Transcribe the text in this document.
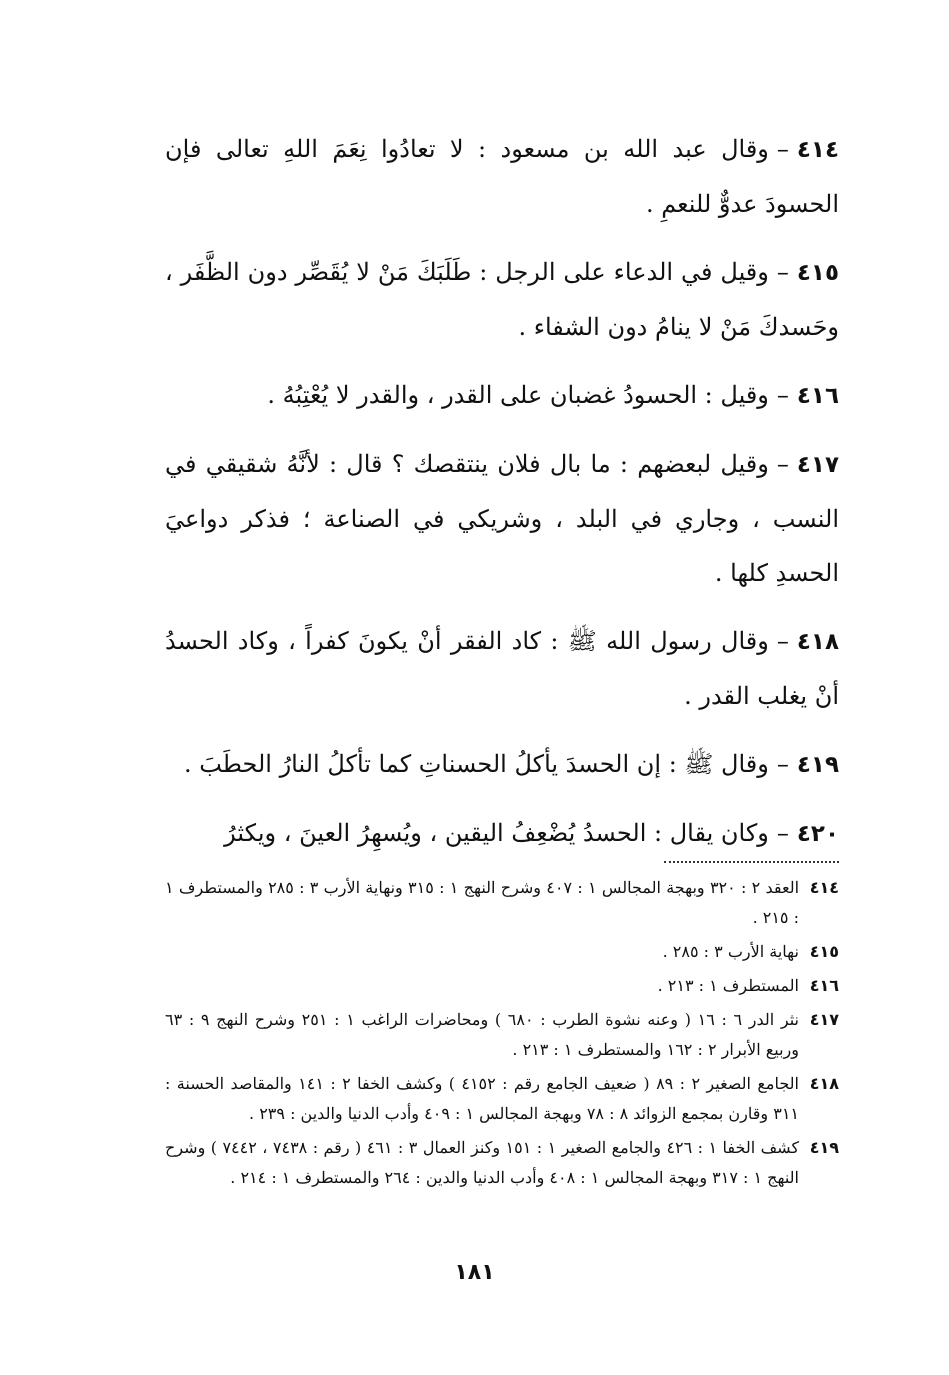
٤١٤–وقال عبد الله بن مسعود : لا تعادُوا نِعَمَ اللهِ تعالى فإن الحسودَ عدوٌّ للنعمِ .
٤١٥–وقيل في الدعاء على الرجل : طَلَبَكَ مَنْ لا يُقَصِّر دون الظَّفَر ، وحَسدكَ مَنْ لا ينامُ دون الشفاء .
٤١٦–وقيل : الحسودُ غضبان على القدر ، والقدر لا يُعْتِبُهُ .
٤١٧–وقيل لبعضهم : ما بال فلان ينتقصك ؟ قال : لأنَّهُ شقيقي في النسب ، وجاري في البلد ، وشريكي في الصناعة ؛ فذكر دواعيَ الحسدِ كلها .
٤١٨–وقال رسول الله ﷺ : كاد الفقر أنْ يكونَ كفراً ، وكاد الحسدُ أنْ يغلب القدر .
٤١٩–وقال ﷺ : إن الحسدَ يأكلُ الحسناتِ كما تأكلُ النارُ الحطَبَ .
٤٢٠–وكان يقال : الحسدُ يُضْعِفُ اليقين ، ويُسهِرُ العينَ ، ويكثرُ
٤١٤
العقد ٢ : ٣٢٠ وبهجة المجالس ١ : ٤٠٧ وشرح النهج ١ : ٣١٥ ونهاية الأرب ٣ : ٢٨٥ والمستطرف ١ : ٢١٥ .
٤١٥
نهاية الأرب ٣ : ٢٨٥ .
٤١٦
المستطرف ١ : ٢١٣ .
٤١٧
نثر الدر ٦ : ١٦ ( وعنه نشوة الطرب : ٦٨٠ ) ومحاضرات الراغب ١ : ٢٥١ وشرح النهج ٩ : ٦٣ وربيع الأبرار ٢ : ١٦٢ والمستطرف ١ : ٢١٣ .
٤١٨
الجامع الصغير ٢ : ٨٩ ( ضعيف الجامع رقم : ٤١٥٢ ) وكشف الخفا ٢ : ١٤١ والمقاصد الحسنة : ٣١١ وقارن بمجمع الزوائد ٨ : ٧٨ وبهجة المجالس ١ : ٤٠٩ وأدب الدنيا والدين : ٢٣٩ .
٤١٩
كشف الخفا ١ : ٤٢٦ والجامع الصغير ١ : ١٥١ وكنز العمال ٣ : ٤٦١ ( رقم : ٧٤٣٨ ، ٧٤٤٢ ) وشرح النهج ١ : ٣١٧ وبهجة المجالس ١ : ٤٠٨ وأدب الدنيا والدين : ٢٦٤ والمستطرف ١ : ٢١٤ .
١٨١
